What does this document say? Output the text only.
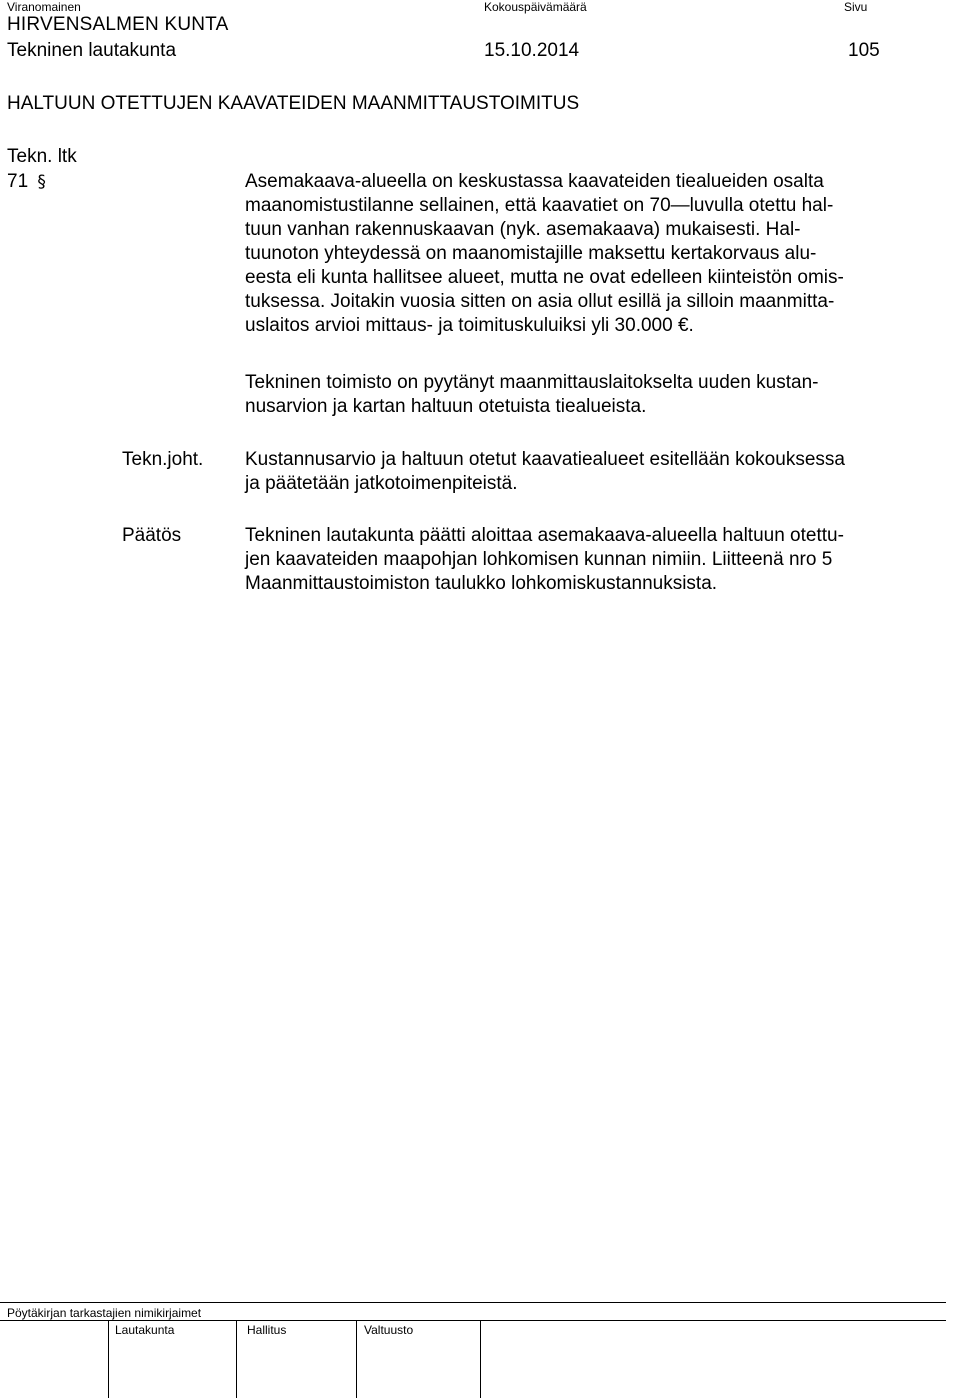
Viranomainen	Kokouspäivämäärä	Sivu
HIRVENSALMEN KUNTA
Tekninen lautakunta	15.10.2014	105
HALTUUN OTETTUJEN KAAVATEIDEN MAANMITTAUSTOIMITUS
Tekn. ltk
71 §	Asemakaava-alueella on keskustassa kaavateiden tiealueiden osalta
maanomistustilanne sellainen, että kaavatiet on 70—luvulla otettu hal-
tuun vanhan rakennuskaavan (nyk. asemakaava) mukaisesti. Hal-
tuunoton yhteydessä on maanomistajille maksettu kertakorvaus alu-
eesta eli kunta hallitsee alueet, mutta ne ovat edelleen kiinteistön omis-
tuksessa. Joitakin vuosia sitten on asia ollut esillä ja silloin maanmitta-
uslaitos arvioi mittaus- ja toimituskuluiksi yli 30.000 €.
Tekninen toimisto on pyytänyt maanmittauslaitokselta uuden kustan-
nusarvion ja kartan haltuun otetuista tiealueista.
Tekn.joht. Kustannusarvio ja haltuun otetut kaavatiealueet esitellään kokouksessa
ja päätetään jatkotoimenpiteistä.
Päätös	Tekninen lautakunta päätti aloittaa asemakaava-alueella haltuun otettu-
jen kaavateiden maapohjan lohkomisen kunnan nimiin. Liitteenä nro 5
Maanmittaustoimiston taulukko lohkomiskustannuksista.
Pöytäkirjan tarkastajien nimikirjaimet
Lautakunta	Hallitus	Valtuusto
